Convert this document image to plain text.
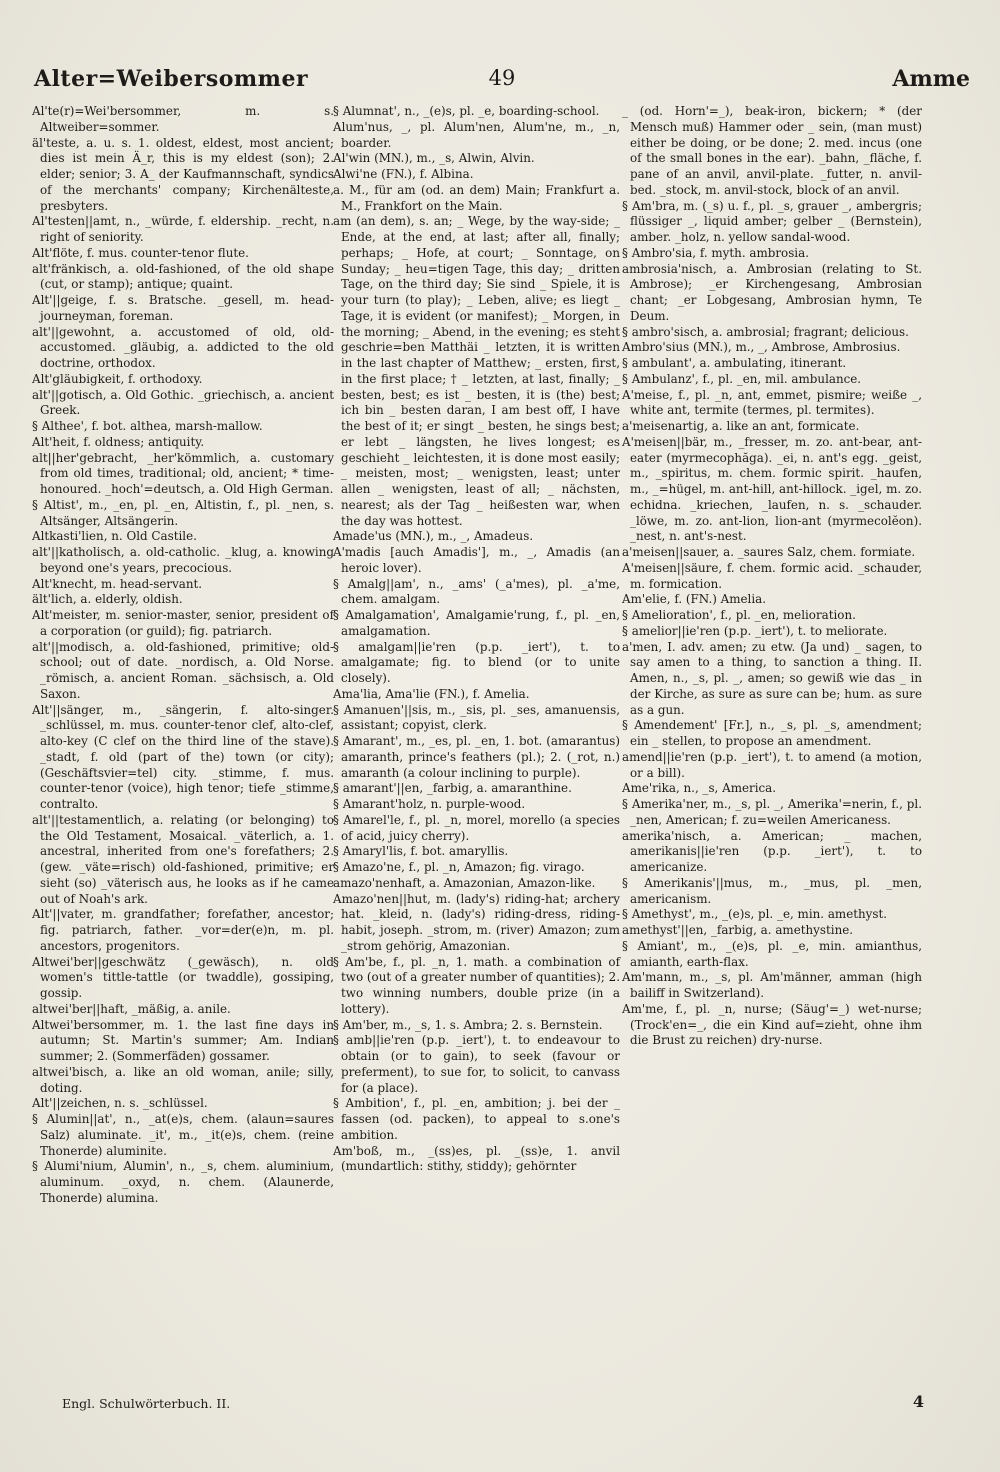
Alter=Weibersommer	49	Amme

Al'te(r)=Wei'bersommer, m. s. Altweiber=sommer.

äl'teste, a. u. s. 1. oldest, eldest, most ancient; dies ist mein Ä_r, this is my eldest (son); 2. elder; senior; 3. A_ der Kaufmannschaft, syndics of the merchants' company; Kirchenälteste, presbyters.

Al'testen||amt, n., _würde, f. eldership. _recht, n. right of seniority.

Alt'flöte, f. mus. counter-tenor flute.

alt'fränkisch, a. old-fashioned, of the old shape (cut, or stamp); antique; quaint.

Alt'||geige, f. s. Bratsche. _gesell, m. head-journeyman, foreman.

alt'||gewohnt, a. accustomed of old, old-accustomed. _gläubig, a. addicted to the old doctrine, orthodox.

Alt'gläubigkeit, f. orthodoxy.

alt'||gotisch, a. Old Gothic. _griechisch, a. ancient Greek.

§ Althee', f. bot. althea, marsh-mallow.

Alt'heit, f. oldness; antiquity.

alt||her'gebracht, _her'kömmlich, a. customary from old times, traditional; old, ancient; * time-honoured. _hoch'=deutsch, a. Old High German.

§ Altist', m., _en, pl. _en, Altistin, f., pl. _nen, s. Altsänger, Altsängerin.

Altkasti'lien, n. Old Castile.

alt'||katholisch, a. old-catholic. _klug, a. knowing beyond one's years, precocious.

Alt'knecht, m. head-servant.

ält'lich, a. elderly, oldish.

Alt'meister, m. senior-master, senior, president of a corporation (or guild); fig. patriarch.

alt'||modisch, a. old-fashioned, primitive; old-school; out of date. _nordisch, a. Old Norse. _römisch, a. ancient Roman. _sächsisch, a. Old Saxon.

Alt'||sänger, m., _sängerin, f. alto-singer. _schlüssel, m. mus. counter-tenor clef, alto-clef, alto-key (C clef on the third line of the stave). _stadt, f. old (part of the) town (or city); (Geschäftsvier=tel) city. _stimme, f. mus. counter-tenor (voice), high tenor; tiefe _stimme, contralto.

alt'||testamentlich, a. relating (or belonging) to the Old Testament, Mosaical. _väterlich, a. 1. ancestral, inherited from one's forefathers; 2. (gew. _väte=risch) old-fashioned, primitive; er sieht (so) _väterisch aus, he looks as if he came out of Noah's ark.

Alt'||vater, m. grandfather; forefather, ancestor; fig. patriarch, father. _vor=der(e)n, m. pl. ancestors, progenitors.

Altwei'ber||geschwätz (_gewäsch), n. old women's tittle-tattle (or twaddle), gossiping, gossip.

altwei'ber||haft, _mäßig, a. anile.

Altwei'bersommer, m. 1. the last fine days in autumn; St. Martin's summer; Am. Indian summer; 2. (Sommerfäden) gossamer.

altwei'bisch, a. like an old woman, anile; silly, doting.

Alt'||zeichen, n. s. _schlüssel.

§ Alumin||at', n., _at(e)s, chem. (alaun=saures Salz) aluminate. _it', m., _it(e)s, chem. (reine Thonerde) aluminite.

§ Alumi'nium, Alumin', n., _s, chem. aluminium, aluminum. _oxyd, n. chem. (Alaunerde, Thonerde) alumina.

§ Alumnat', n., _(e)s, pl. _e, boarding-school.

Alum'nus, _, pl. Alum'nen, Alum'ne, m., _n, boarder.

Al'win (MN.), m., _s, Alwin, Alvin.

Alwi'ne (FN.), f. Albina.

a. M., für am (od. an dem) Main; Frankfurt a. M., Frankfort on the Main.

am (an dem), s. an; _ Wege, by the way-side; _ Ende, at the end, at last; after all, finally; perhaps; _ Hofe, at court; _ Sonntage, on Sunday; _ heu=tigen Tage, this day; _ dritten Tage, on the third day; Sie sind _ Spiele, it is your turn (to play); _ Leben, alive; es liegt _ Tage, it is evident (or manifest); _ Morgen, in the morning; _ Abend, in the evening; es steht geschrie=ben Matthäi _ letzten, it is written in the last chapter of Matthew; _ ersten, first, in the first place; † _ letzten, at last, finally; _ besten, best; es ist _ besten, it is (the) best; ich bin _ besten daran, I am best off, I have the best of it; er singt _ besten, he sings best; er lebt _ längsten, he lives longest; es geschieht _ leichtesten, it is done most easily; _ meisten, most; _ wenigsten, least; unter allen _ wenigsten, least of all; _ nächsten, nearest; als der Tag _ heißesten war, when the day was hottest.

Amade'us (MN.), m., _, Amadeus.

A'madis [auch Amadis'], m., _, Amadis (an heroic lover).

§ Amalg||am', n., _ams' (_a'mes), pl. _a'me, chem. amalgam.

§ Amalgamation', Amalgamie'rung, f., pl. _en, amalgamation.

§ amalgam||ie'ren (p.p. _iert'), t. to amalgamate; fig. to blend (or to unite closely).

Ama'lia, Ama'lie (FN.), f. Amelia.

§ Amanuen'||sis, m., _sis, pl. _ses, amanuensis, assistant; copyist, clerk.

§ Amarant', m., _es, pl. _en, 1. bot. (amarantus) amaranth, prince's feathers (pl.); 2. (_rot, n.) amaranth (a colour inclining to purple).

§ amarant'||en, _farbig, a. amaranthine.

§ Amarant'holz, n. purple-wood.

§ Amarel'le, f., pl. _n, morel, morello (a species of acid, juicy cherry).

§ Amaryl'lis, f. bot. amaryllis.

§ Amazo'ne, f., pl. _n, Amazon; fig. virago.

amazo'nenhaft, a. Amazonian, Amazon-like.

Amazo'nen||hut, m. (lady's) riding-hat; archery hat. _kleid, n. (lady's) riding-dress, riding-habit, joseph. _strom, m. (river) Amazon; zum _strom gehörig, Amazonian.

§ Am'be, f., pl. _n, 1. math. a combination of two (out of a greater number of quantities); 2. two winning numbers, double prize (in a lottery).

§ Am'ber, m., _s, 1. s. Ambra; 2. s. Bernstein.

§ amb||ie'ren (p.p. _iert'), t. to endeavour to obtain (or to gain), to seek (favour or preferment), to sue for, to solicit, to canvass for (a place).

§ Ambition', f., pl. _en, ambition; j. bei der _ fassen (od. packen), to appeal to s.one's ambition.

Am'boß, m., _(ss)es, pl. _(ss)e, 1. anvil (mundartlich: stithy, stiddy); gehörnter

_ (od. Horn'=_), beak-iron, bickern; * (der Mensch muß) Hammer oder _ sein, (man must) either be doing, or be done; 2. med. incus (one of the small bones in the ear). _bahn, _fläche, f. pane of an anvil, anvil-plate. _futter, n. anvil-bed. _stock, m. anvil-stock, block of an anvil.

§ Am'bra, m. (_s) u. f., pl. _s, grauer _, ambergris; flüssiger _, liquid amber; gelber _ (Bernstein), amber. _holz, n. yellow sandal-wood.

§ Ambro'sia, f. myth. ambrosia.

ambrosia'nisch, a. Ambrosian (relating to St. Ambrose); _er Kirchengesang, Ambrosian chant; _er Lobgesang, Ambrosian hymn, Te Deum.

§ ambro'sisch, a. ambrosial; fragrant; delicious.

Ambro'sius (MN.), m., _, Ambrose, Ambrosius.

§ ambulant', a. ambulating, itinerant.

§ Ambulanz', f., pl. _en, mil. ambulance.

A'meise, f., pl. _n, ant, emmet, pismire; weiße _, white ant, termite (termes, pl. termites).

a'meisenartig, a. like an ant, formicate.

A'meisen||bär, m., _fresser, m. zo. ant-bear, ant-eater (myrmecophăga). _ei, n. ant's egg. _geist, m., _spiritus, m. chem. formic spirit. _haufen, m., _=hügel, m. ant-hill, ant-hillock. _igel, m. zo. echidna. _kriechen, _laufen, n. s. _schauder. _löwe, m. zo. ant-lion, lion-ant (myrmecolĕon). _nest, n. ant's-nest.

a'meisen||sauer, a. _saures Salz, chem. formiate.

A'meisen||säure, f. chem. formic acid. _schauder, m. formication.

Am'elie, f. (FN.) Amelia.

§ Amelioration', f., pl. _en, melioration.

§ amelior||ie'ren (p.p. _iert'), t. to meliorate.

a'men, I. adv. amen; zu etw. (Ja und) _ sagen, to say amen to a thing, to sanction a thing. II. Amen, n., _s, pl. _, amen; so gewiß wie das _ in der Kirche, as sure as sure can be; hum. as sure as a gun.

§ Amendement' [Fr.], n., _s, pl. _s, amendment; ein _ stellen, to propose an amendment.

amend||ie'ren (p.p. _iert'), t. to amend (a motion, or a bill).

Ame'rika, n., _s, America.

§ Amerika'ner, m., _s, pl. _, Amerika'=nerin, f., pl. _nen, American; f. zu=weilen Americaness.

amerika'nisch, a. American; _ machen, amerikanis||ie'ren (p.p. _iert'), t. to americanize.

§ Amerikanis'||mus, m., _mus, pl. _men, americanism.

§ Amethyst', m., _(e)s, pl. _e, min. amethyst.

amethyst'||en, _farbig, a. amethystine.

§ Amiant', m., _(e)s, pl. _e, min. amianthus, amianth, earth-flax.

Am'mann, m., _s, pl. Am'männer, amman (high bailiff in Switzerland).

Am'me, f., pl. _n, nurse; (Säug'=_) wet-nurse; (Trock'en=_, die ein Kind auf=zieht, ohne ihm die Brust zu reichen) dry-nurse.

Engl. Schulwörterbuch. II.	4
